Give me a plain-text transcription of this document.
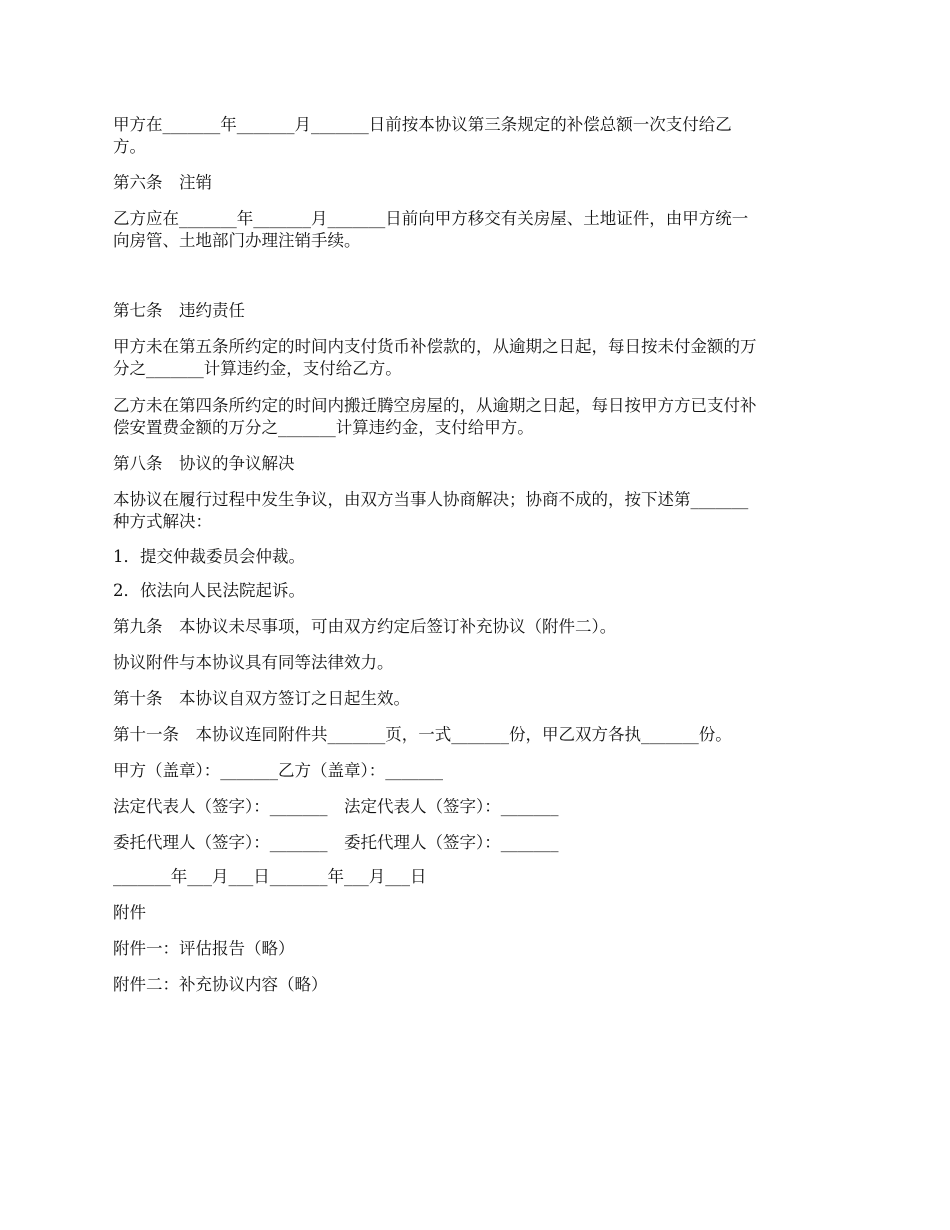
甲方在_______年_______月_______日前按本协议第三条规定的补偿总额一次支付给乙
方。

第六条　注销

乙方应在_______年_______月_______日前向甲方移交有关房屋、土地证件，由甲方统一
向房管、土地部门办理注销手续。

第七条　违约责任

甲方未在第五条所约定的时间内支付货币补偿款的，从逾期之日起，每日按未付金额的万
分之_______计算违约金，支付给乙方。

乙方未在第四条所约定的时间内搬迁腾空房屋的，从逾期之日起，每日按甲方方已支付补
偿安置费金额的万分之_______计算违约金，支付给甲方。

第八条　协议的争议解决

本协议在履行过程中发生争议，由双方当事人协商解决；协商不成的，按下述第_______
种方式解决：

1．提交仲裁委员会仲裁。

2．依法向人民法院起诉。

第九条　本协议未尽事项，可由双方约定后签订补充协议（附件二）。

协议附件与本协议具有同等法律效力。

第十条　本协议自双方签订之日起生效。

第十一条　本协议连同附件共_______页，一式_______份，甲乙双方各执_______份。

甲方（盖章）：_______乙方（盖章）：_______

法定代表人（签字）：_______　法定代表人（签字）：_______

委托代理人（签字）：_______　委托代理人（签字）：_______

_______年___月___日_______年___月___日

附件

附件一：评估报告（略）

附件二：补充协议内容（略）
